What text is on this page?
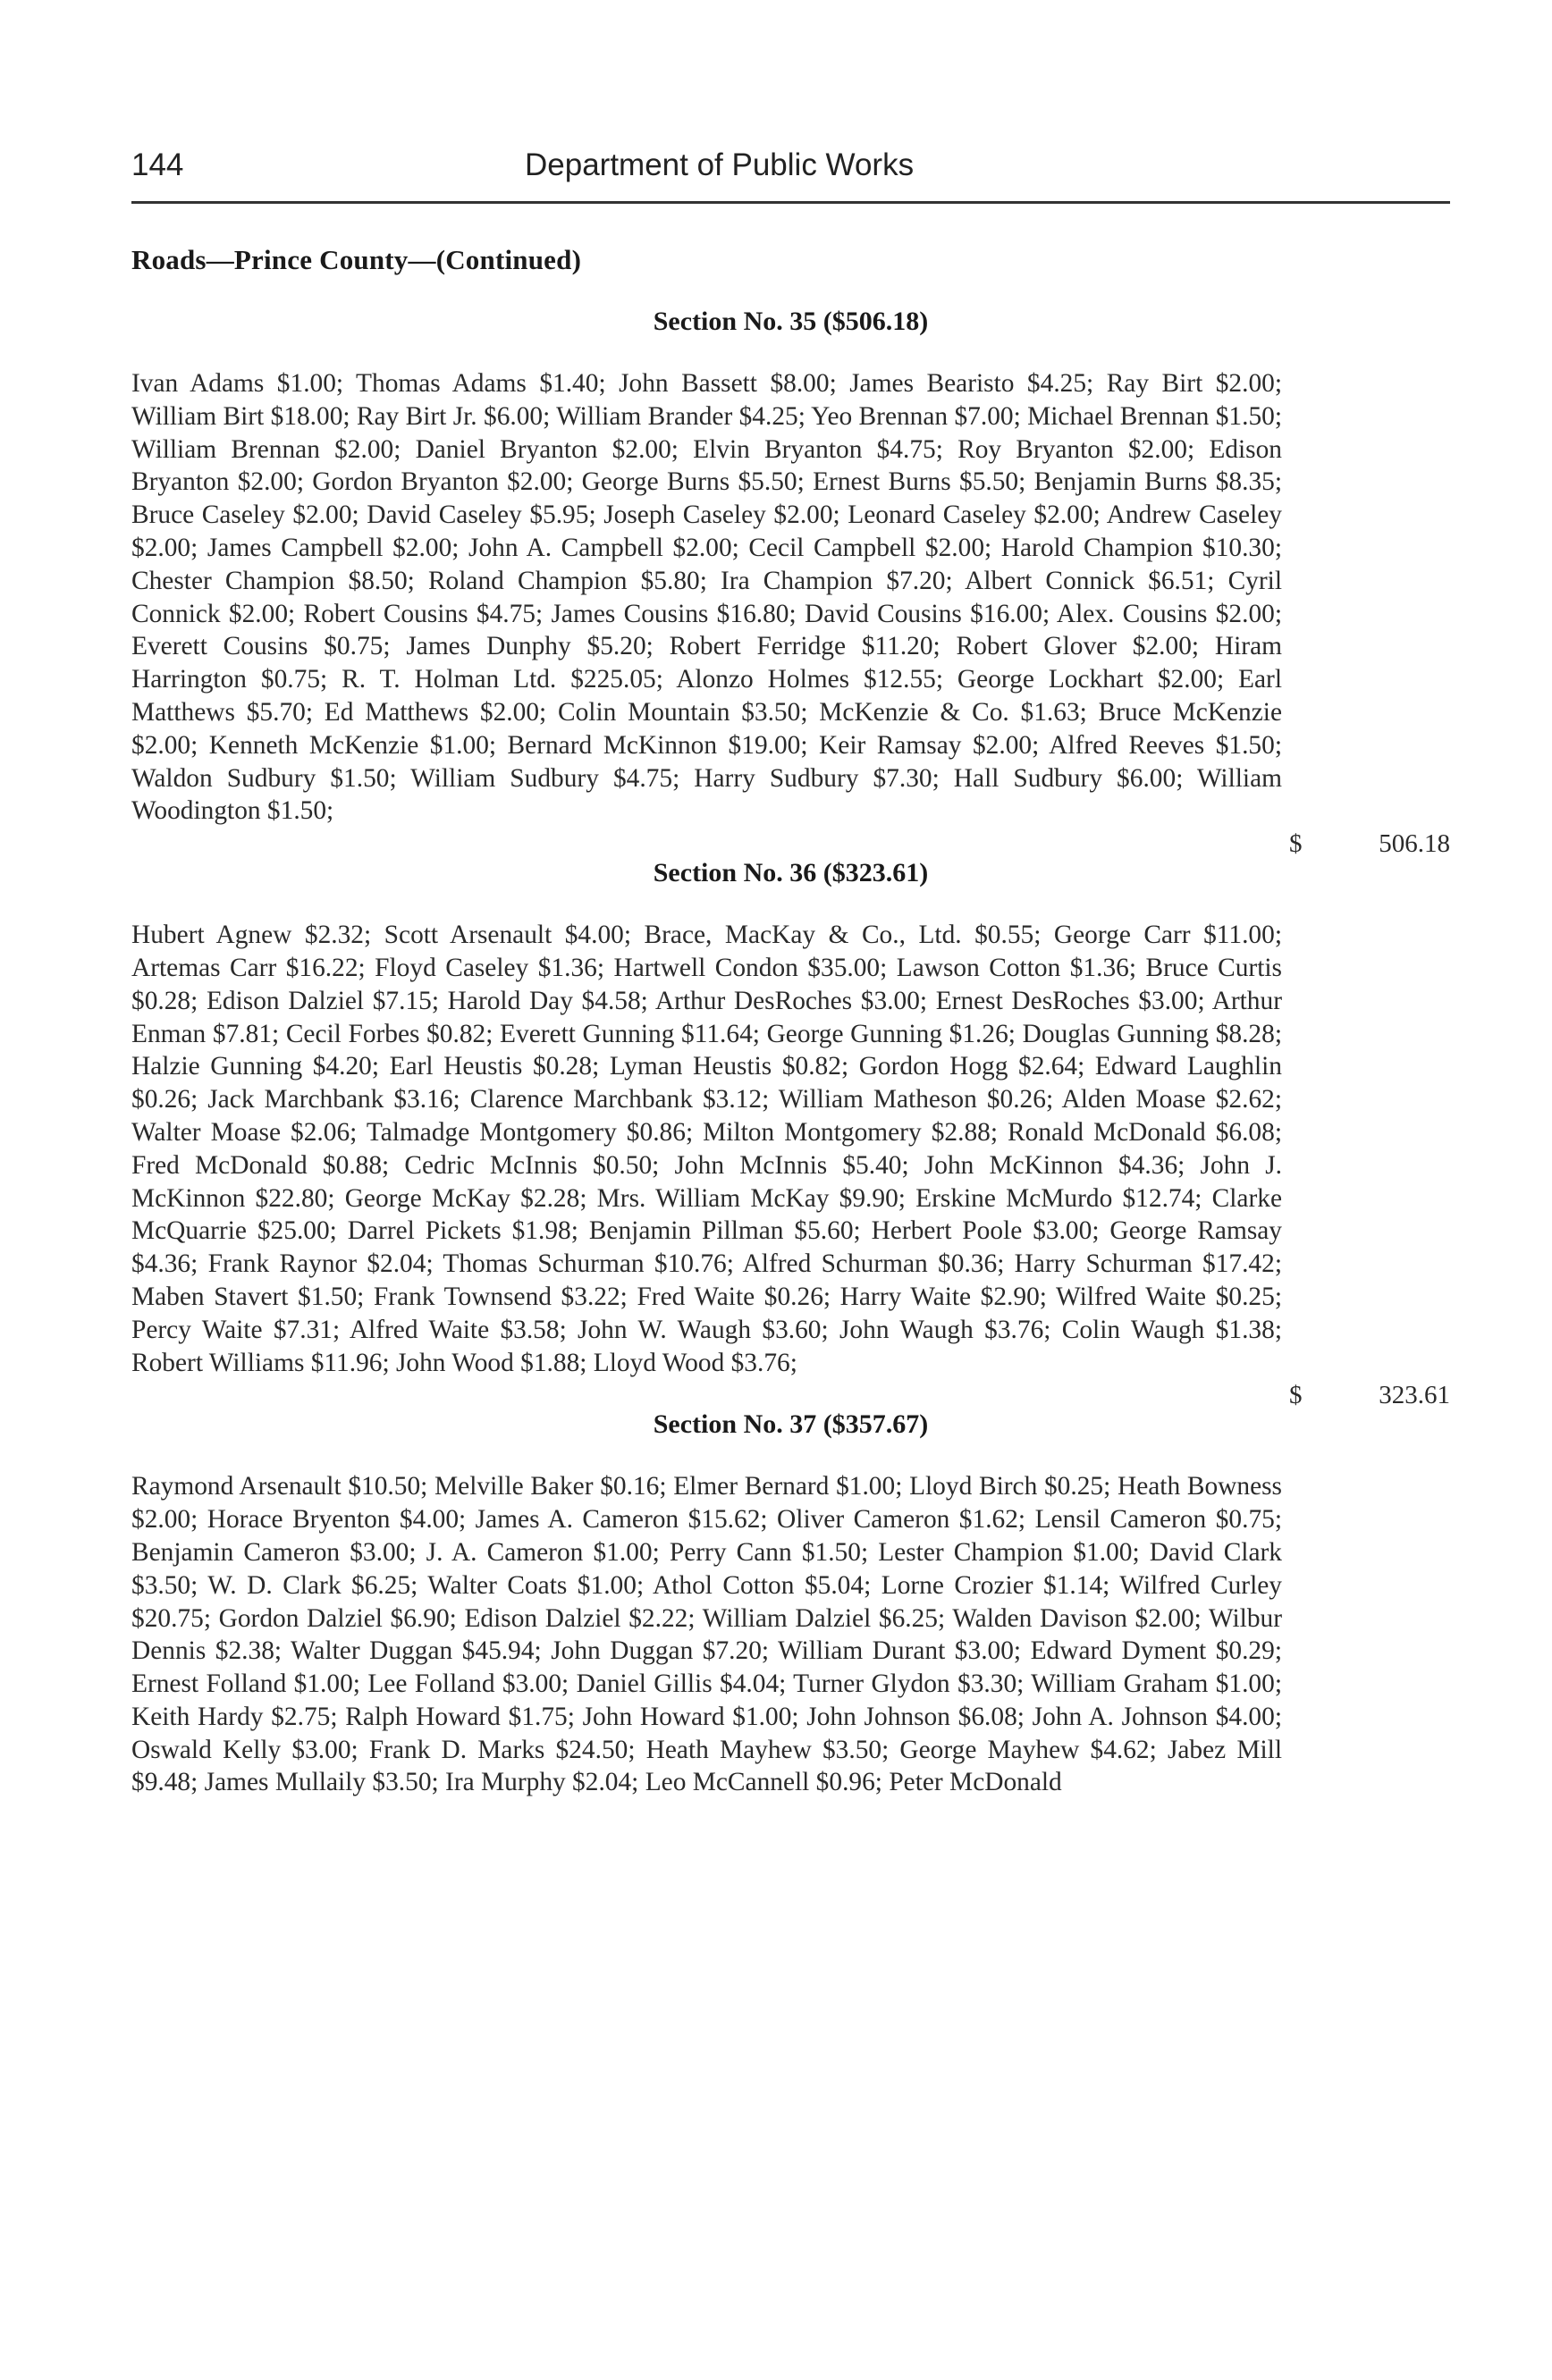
144	Department of Public Works
Roads—Prince County—(Continued)
Section No. 35 ($506.18)
Ivan Adams $1.00; Thomas Adams $1.40; John Bassett $8.00; James Bearisto $4.25; Ray Birt $2.00; William Birt $18.00; Ray Birt Jr. $6.00; William Brander $4.25; Yeo Brennan $7.00; Michael Brennan $1.50; William Brennan $2.00; Daniel Bryanton $2.00; Elvin Bryanton $4.75; Roy Bryanton $2.00; Edison Bryanton $2.00; Gordon Bryanton $2.00; George Burns $5.50; Ernest Burns $5.50; Benjamin Burns $8.35; Bruce Caseley $2.00; David Caseley $5.95; Joseph Caseley $2.00; Leonard Caseley $2.00; Andrew Caseley $2.00; James Campbell $2.00; John A. Campbell $2.00; Cecil Campbell $2.00; Harold Champion $10.30; Chester Champion $8.50; Roland Champion $5.80; Ira Champion $7.20; Albert Connick $6.51; Cyril Connick $2.00; Robert Cousins $4.75; James Cousins $16.80; David Cousins $16.00; Alex. Cousins $2.00; Everett Cousins $0.75; James Dunphy $5.20; Robert Ferridge $11.20; Robert Glover $2.00; Hiram Harrington $0.75; R. T. Holman Ltd. $225.05; Alonzo Holmes $12.55; George Lockhart $2.00; Earl Matthews $5.70; Ed Matthews $2.00; Colin Mountain $3.50; McKenzie & Co. $1.63; Bruce McKenzie $2.00; Kenneth McKenzie $1.00; Bernard McKinnon $19.00; Keir Ramsay $2.00; Alfred Reeves $1.50; Waldon Sudbury $1.50; William Sudbury $4.75; Harry Sudbury $7.30; Hall Sudbury $6.00; William Woodington $1.50;
$	506.18
Section No. 36 ($323.61)
Hubert Agnew $2.32; Scott Arsenault $4.00; Brace, MacKay & Co., Ltd. $0.55; George Carr $11.00; Artemas Carr $16.22; Floyd Caseley $1.36; Hartwell Condon $35.00; Lawson Cotton $1.36; Bruce Curtis $0.28; Edison Dalziel $7.15; Harold Day $4.58; Arthur DesRoches $3.00; Ernest DesRoches $3.00; Arthur Enman $7.81; Cecil Forbes $0.82; Everett Gunning $11.64; George Gunning $1.26; Douglas Gunning $8.28; Halzie Gunning $4.20; Earl Heustis $0.28; Lyman Heustis $0.82; Gordon Hogg $2.64; Edward Laughlin $0.26; Jack Marchbank $3.16; Clarence Marchbank $3.12; William Matheson $0.26; Alden Moase $2.62; Walter Moase $2.06; Talmadge Montgomery $0.86; Milton Montgomery $2.88; Ronald McDonald $6.08; Fred McDonald $0.88; Cedric McInnis $0.50; John McInnis $5.40; John McKinnon $4.36; John J. McKinnon $22.80; George McKay $2.28; Mrs. William McKay $9.90; Erskine McMurdo $12.74; Clarke McQuarrie $25.00; Darrel Pickets $1.98; Benjamin Pillman $5.60; Herbert Poole $3.00; George Ramsay $4.36; Frank Raynor $2.04; Thomas Schurman $10.76; Alfred Schurman $0.36; Harry Schurman $17.42; Maben Stavert $1.50; Frank Townsend $3.22; Fred Waite $0.26; Harry Waite $2.90; Wilfred Waite $0.25; Percy Waite $7.31; Alfred Waite $3.58; John W. Waugh $3.60; John Waugh $3.76; Colin Waugh $1.38; Robert Williams $11.96; John Wood $1.88; Lloyd Wood $3.76;
$	323.61
Section No. 37 ($357.67)
Raymond Arsenault $10.50; Melville Baker $0.16; Elmer Bernard $1.00; Lloyd Birch $0.25; Heath Bowness $2.00; Horace Bryenton $4.00; James A. Cameron $15.62; Oliver Cameron $1.62; Lensil Cameron $0.75; Benjamin Cameron $3.00; J. A. Cameron $1.00; Perry Cann $1.50; Lester Champion $1.00; David Clark $3.50; W. D. Clark $6.25; Walter Coats $1.00; Athol Cotton $5.04; Lorne Crozier $1.14; Wilfred Curley $20.75; Gordon Dalziel $6.90; Edison Dalziel $2.22; William Dalziel $6.25; Walden Davison $2.00; Wilbur Dennis $2.38; Walter Duggan $45.94; John Duggan $7.20; William Durant $3.00; Edward Dyment $0.29; Ernest Folland $1.00; Lee Folland $3.00; Daniel Gillis $4.04; Turner Glydon $3.30; William Graham $1.00; Keith Hardy $2.75; Ralph Howard $1.75; John Howard $1.00; John Johnson $6.08; John A. Johnson $4.00; Oswald Kelly $3.00; Frank D. Marks $24.50; Heath Mayhew $3.50; George Mayhew $4.62; Jabez Mill $9.48; James Mullaily $3.50; Ira Murphy $2.04; Leo McCannell $0.96; Peter McDonald
